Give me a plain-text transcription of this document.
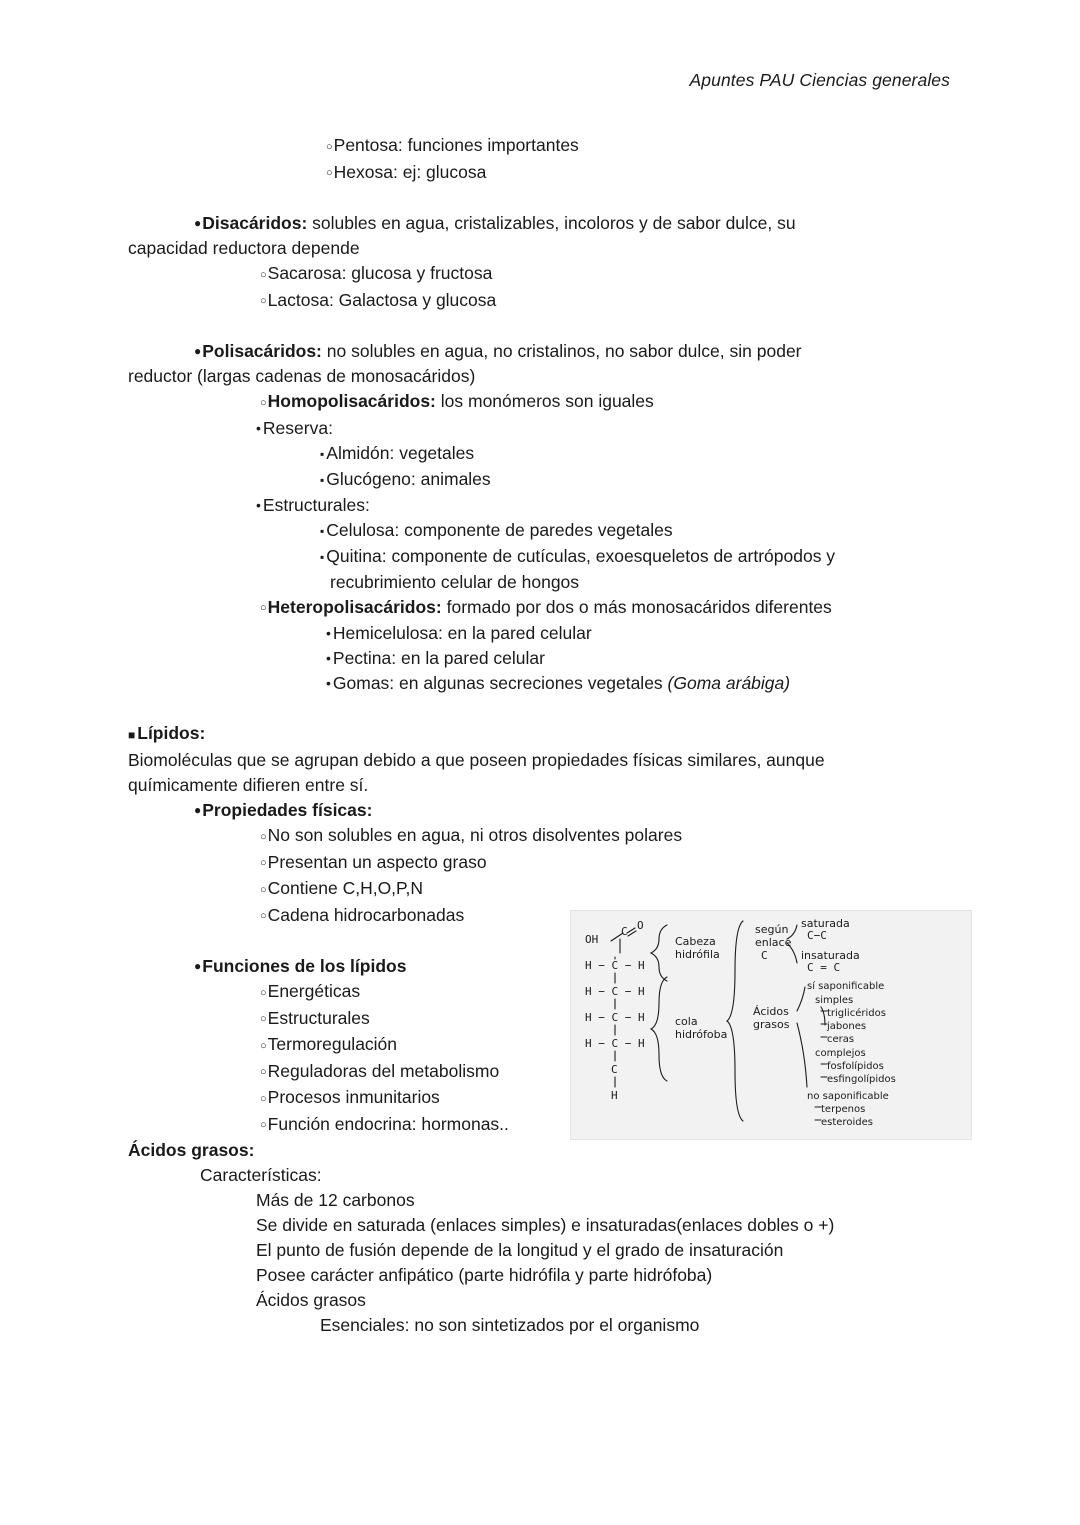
Apuntes PAU Ciencias generales
○ Pentosa: funciones importantes
○ Hexosa: ej: glucosa
● Disacáridos: solubles en agua, cristalizables, incoloros y de sabor dulce, su
capacidad reductora depende
○ Sacarosa: glucosa y fructosa
○ Lactosa: Galactosa y glucosa
● Polisacáridos: no solubles en agua, no cristalinos, no sabor dulce, sin poder
reductor (largas cadenas de monosacáridos)
○ Homopolisacáridos: los monómeros son iguales
• Reserva:
▪ Almidón: vegetales
▪ Glucógeno: animales
• Estructurales:
▪ Celulosa: componente de paredes vegetales
▪ Quitina: componente de cutículas, exoesqueletos de artrópodos y
recubrimiento celular de hongos
○ Heteropolisacáridos: formado por dos o más monosacáridos diferentes
• Hemicelulosa: en la pared celular
• Pectina: en la pared celular
• Gomas: en algunas secreciones vegetales (Goma arábiga)
■ Lípidos:
Biomoléculas que se agrupan debido a que poseen propiedades físicas similares, aunque
químicamente difieren entre sí.
● Propiedades físicas:
○ No son solubles en agua, ni otros disolventes polares
○ Presentan un aspecto graso
○ Contiene C,H,O,P,N
○ Cadena hidrocarbonadas
● Funciones de los lípidos
○ Energéticas
○ Estructurales
○ Termoregulación
○ Reguladoras del metabolismo
○ Procesos inmunitarios
○ Función endocrina: hormonas..
Ácidos grasos:
Características:
Más de 12 carbonos
Se divide en saturada (enlaces simples) e insaturadas(enlaces dobles o +)
El punto de fusión depende de la longitud y el grado de insaturación
Posee carácter anfipático (parte hidrófila y parte hidrófoba)
Ácidos grasos
Esenciales: no son sintetizados por el organismo
OH
C O
H − C − H
H − C − H
H − C − H
H − C − H
C
H
Cabeza
hidrófila
cola
hidrófoba
según
enlace
C
saturada
C−C
insaturada
C = C
Ácidos
grasos
sí saponificable
simples
triglicéridos
jabones
ceras
complejos
fosfolípidos
esfingolípidos
no saponificable
terpenos
esteroides
